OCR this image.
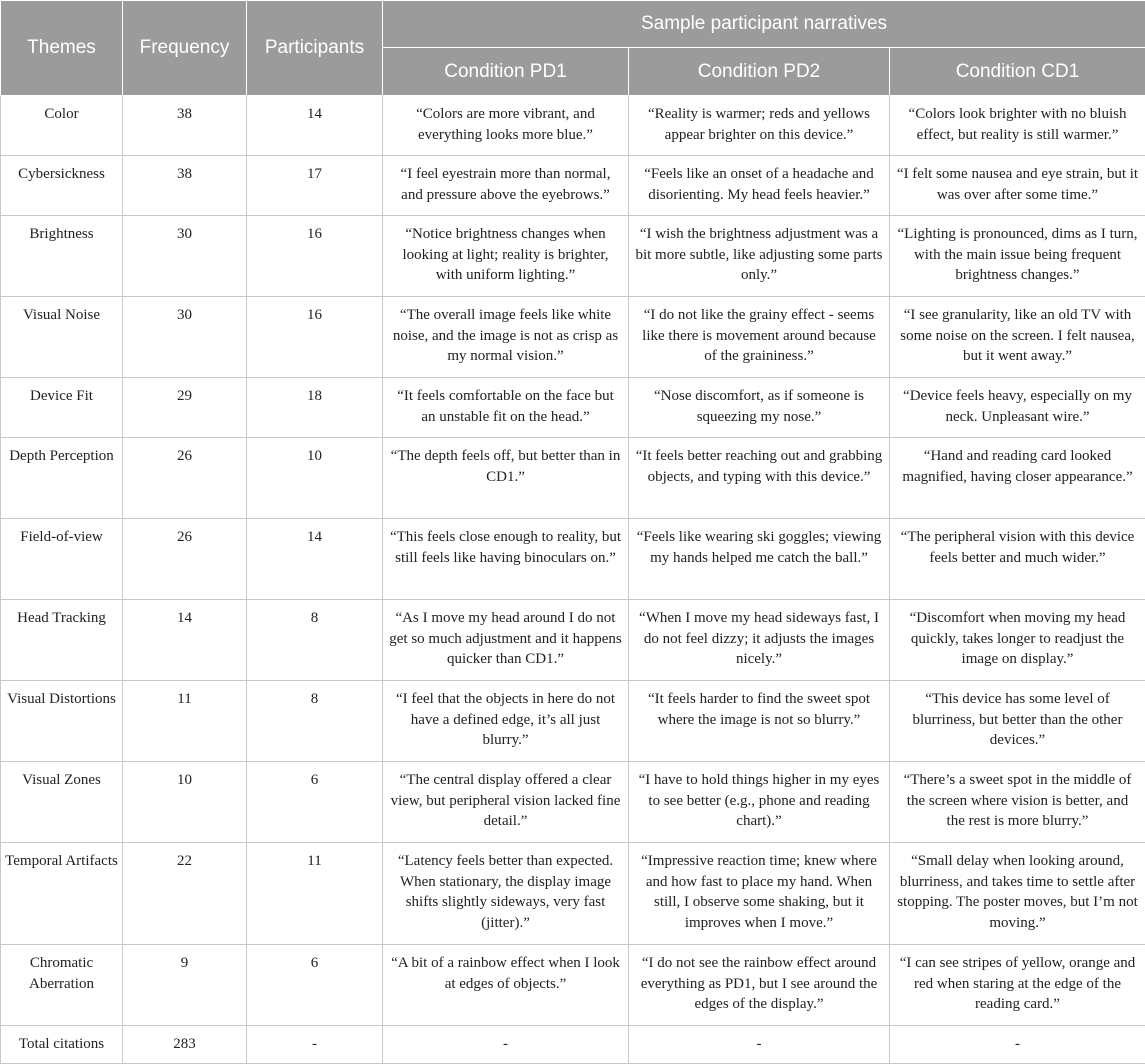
Themes	Frequency	Participants	Sample participant narratives		
			Condition PD1	Condition PD2	Condition CD1
Color	38	14	“Colors are more vibrant, and everything looks more blue.”	“Reality is warmer; reds and yellows appear brighter on this device.”	“Colors look brighter with no bluish effect, but reality is still warmer.”
Cybersickness	38	17	“I feel eyestrain more than normal, and pressure above the eyebrows.”	“Feels like an onset of a headache and disorienting. My head feels heavier.”	“I felt some nausea and eye strain, but it was over after some time.”
Brightness	30	16	“Notice brightness changes when looking at light; reality is brighter, with uniform lighting.”	“I wish the brightness adjustment was a bit more subtle, like adjusting some parts only.”	“Lighting is pronounced, dims as I turn, with the main issue being frequent brightness changes.”
Visual Noise	30	16	“The overall image feels like white noise, and the image is not as crisp as my normal vision.”	“I do not like the grainy effect - seems like there is movement around because of the graininess.”	“I see granularity, like an old TV with some noise on the screen. I felt nausea, but it went away.”
Device Fit	29	18	“It feels comfortable on the face but an unstable fit on the head.”	“Nose discomfort, as if someone is squeezing my nose.”	“Device feels heavy, especially on my neck. Unpleasant wire.”
Depth Perception	26	10	“The depth feels off, but better than in CD1.”	“It feels better reaching out and grabbing objects, and typing with this device.”	“Hand and reading card looked magnified, having closer appearance.”
Field-of-view	26	14	“This feels close enough to reality, but still feels like having binoculars on.”	“Feels like wearing ski goggles; viewing my hands helped me catch the ball.”	“The peripheral vision with this device feels better and much wider.”
Head Tracking	14	8	“As I move my head around I do not get so much adjustment and it happens quicker than CD1.”	“When I move my head sideways fast, I do not feel dizzy; it adjusts the images nicely.”	“Discomfort when moving my head quickly, takes longer to readjust the image on display.”
Visual Distortions	11	8	“I feel that the objects in here do not have a defined edge, it’s all just blurry.”	“It feels harder to find the sweet spot where the image is not so blurry.”	“This device has some level of blurriness, but better than the other devices.”
Visual Zones	10	6	“The central display offered a clear view, but peripheral vision lacked fine detail.”	“I have to hold things higher in my eyes to see better (e.g., phone and reading chart).”	“There’s a sweet spot in the middle of the screen where vision is better, and the rest is more blurry.”
Temporal Artifacts	22	11	“Latency feels better than expected. When stationary, the display image shifts slightly sideways, very fast (jitter).”	“Impressive reaction time; knew where and how fast to place my hand. When still, I observe some shaking, but it improves when I move.”	“Small delay when looking around, blurriness, and takes time to settle after stopping. The poster moves, but I’m not moving.”
Chromatic Aberration	9	6	“A bit of a rainbow effect when I look at edges of objects.”	“I do not see the rainbow effect around everything as PD1, but I see around the edges of the display.”	“I can see stripes of yellow, orange and red when staring at the edge of the reading card.”
Total citations	283	-	-	-	-
